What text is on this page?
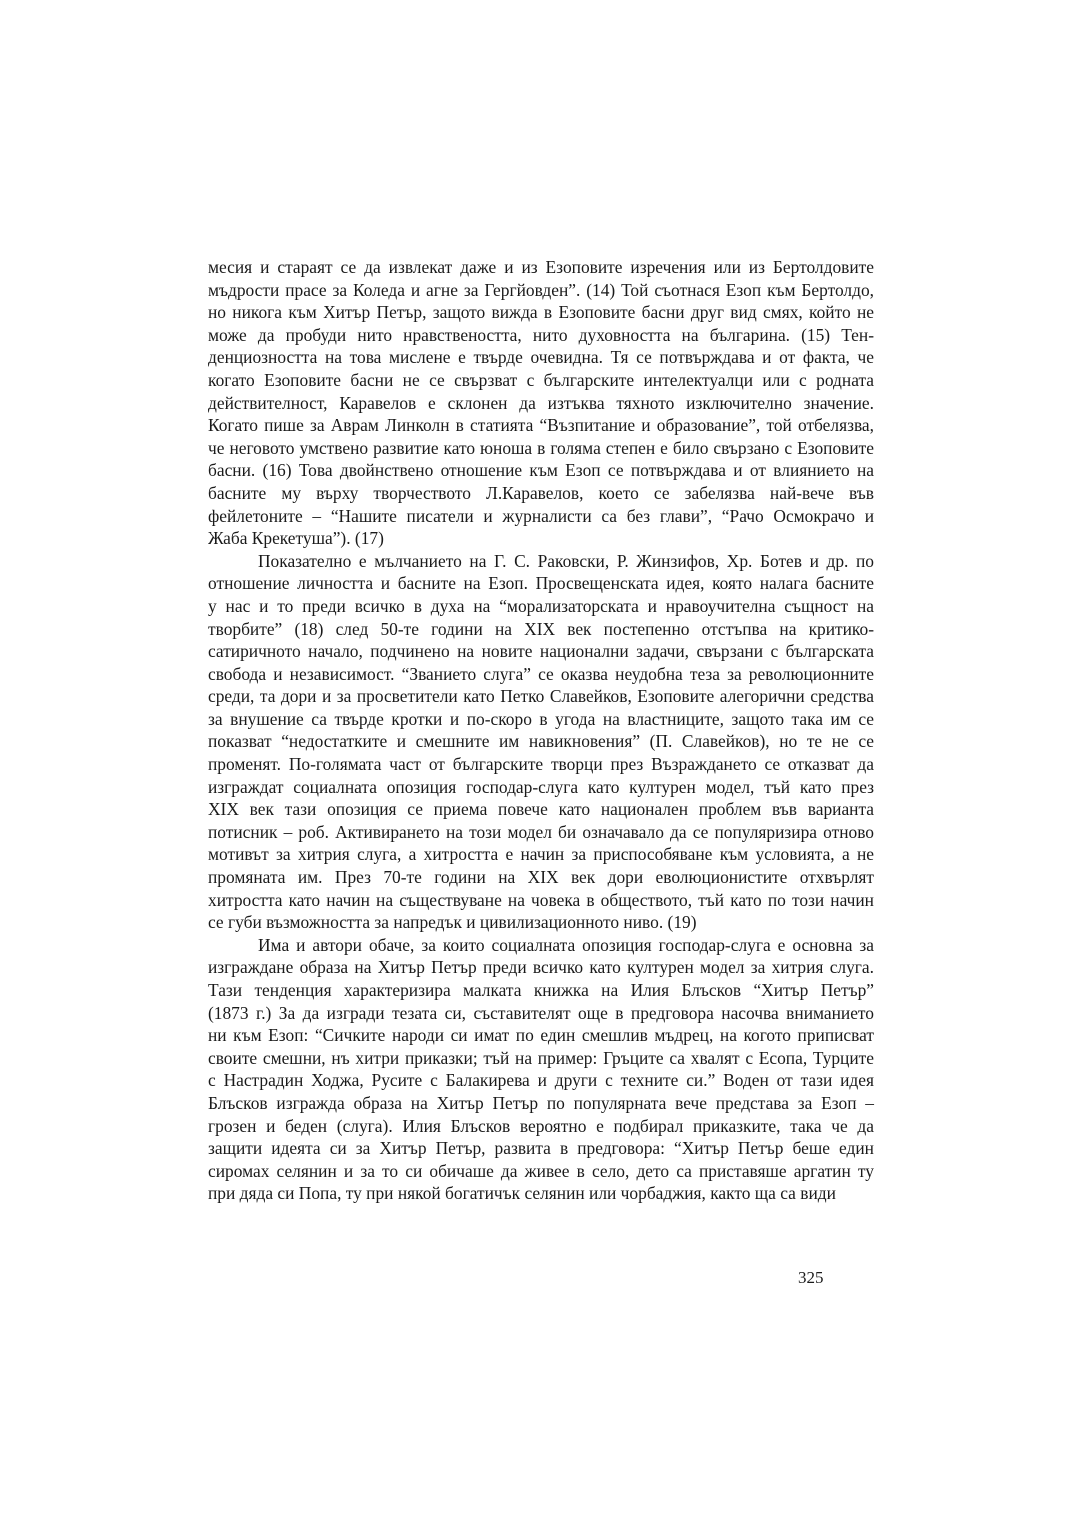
месия и стараят се да извлекат даже и из Езоповите изречения или из Бертолдовите
мъдрости прасе за Коледа и агне за Гергйовден”. (14) Той съотнася Езоп към Бертолдо,
но никога към Хитър Петър, защото вижда в Езоповите басни друг вид смях, който не
може да пробуди нито нравствеността, нито духовността на българина. (15) Тен-
денциозността на това мислене е твърде очевидна. Тя се потвърждава и от факта, че
когато Езоповите басни не се свързват с българските интелектуалци или с родната
действителност, Каравелов е склонен да изтъква тяхното изключително значение.
Когато пише за Аврам Линколн в статията “Възпитание и образование”, той отбелязва,
че неговото умствено развитие като юноша в голяма степен е било свързано с Езоповите
басни. (16) Това двойнствено отношение към Езоп се потвърждава и от влиянието на
басните му върху творчеството Л.Каравелов, което се забелязва най-вече във
фейлетоните – “Нашите писатели и журналисти са без глави”, “Рачо Осмокрачо и
Жаба Крекетуша”). (17)
Показателно е мълчанието на Г. С. Раковски, Р. Жинзифов, Хр. Ботев и др. по
отношение личността и басните на Езоп. Просвещенската идея, която налага басните
у нас и то преди всичко в духа на “морализаторската и нравоучителна същност на
творбите” (18) след 50-те години на XIX век постепенно отстъпва на критико-
сатиричното начало, подчинено на новите национални задачи, свързани с българската
свобода и независимост. “Званието слуга” се оказва неудобна теза за революционните
среди, та дори и за просветители като Петко Славейков, Езоповите алегорични средства
за внушение са твърде кротки и по-скоро в угода на властниците, защото така им се
показват “недостатките и смешните им навикновения” (П. Славейков), но те не се
променят. По-голямата част от българските творци през Възраждането се отказват да
изграждат социалната опозиция господар-слуга като културен модел, тъй като през
XIX век тази опозиция се приема повече като национален проблем във варианта
потисник – роб. Активирането на този модел би означавало да се популяризира отново
мотивът за хитрия слуга, а хитростта е начин за приспособяване към условията, а не
промяната им. През 70-те години на XIX век дори еволюционистите отхвърлят
хитростта като начин на съществуване на човека в обществото, тъй като по този начин
се губи възможността за напредък и цивилизационното ниво. (19)
Има и автори обаче, за които социалната опозиция господар-слуга е основна за
изграждане образа на Хитър Петър преди всичко като културен модел за хитрия слуга.
Тази тенденция характеризира малката книжка на Илия Блъсков “Хитър Петър”
(1873 г.) За да изгради тезата си, съставителят още в предговора насочва вниманието
ни към Езоп: “Сичките народи си имат по един смешлив мъдрец, на когото приписват
своите смешни, нъ хитри приказки; тъй на пример: Гръците са хвалят с Есопа, Турците
с Настрадин Ходжа, Русите с Балакирева и други с техните си.” Воден от тази идея
Блъсков изгражда образа на Хитър Петър по популярната вече представа за Езоп –
грозен и беден (слуга). Илия Блъсков вероятно е подбирал приказките, така че да
защити идеята си за Хитър Петър, развита в предговора: “Хитър Петър беше един
сиромах селянин и за то си обичаше да живее в село, дето са приставяше аргатин ту
при дяда си Попа, ту при някой богатичък селянин или чорбаджия, както ща са види
325
